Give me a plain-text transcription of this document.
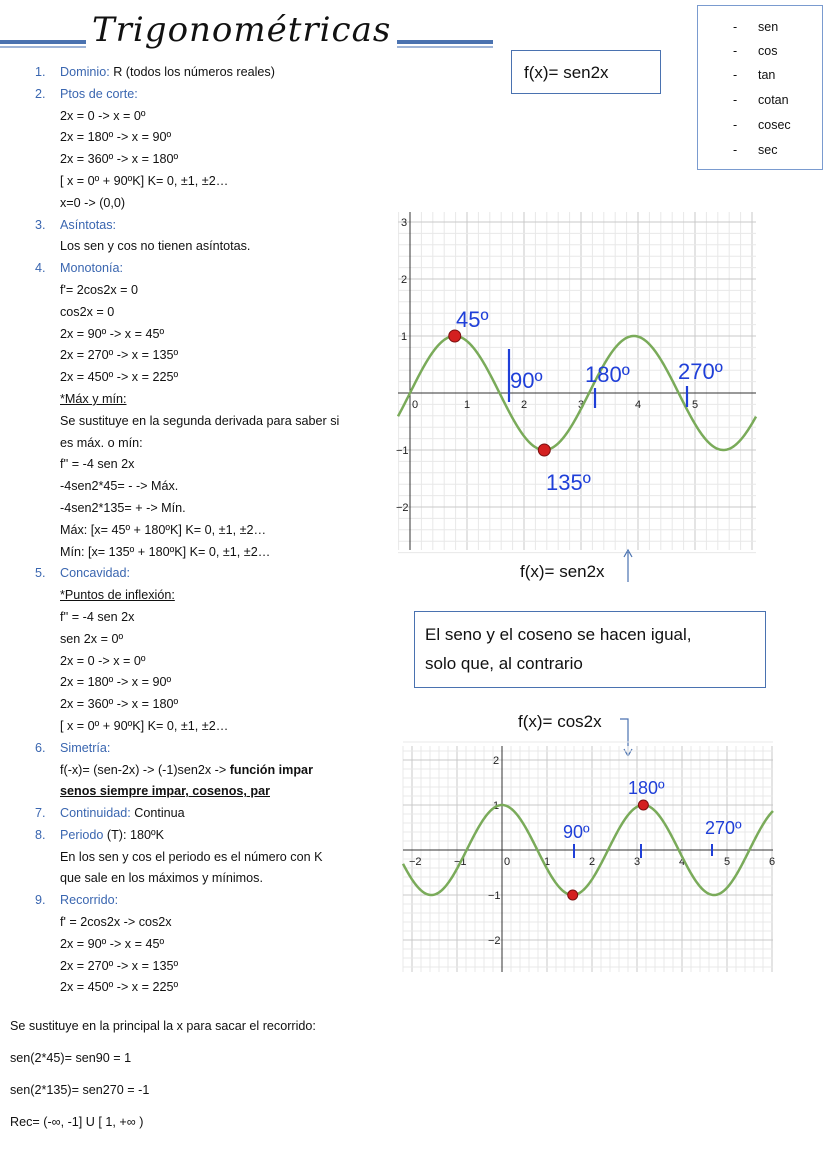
Trigonométricas
1. Dominio: R (todos los números reales)
2. Ptos de corte:
2x = 0 -> x = 0º
2x = 180º -> x = 90º
2x = 360º -> x = 180º
[ x = 0º + 90ºK] K= 0, ±1, ±2…
x=0 -> (0,0)
3. Asíntotas:
Los sen y cos no tienen asíntotas.
4. Monotonía:
f'= 2cos2x = 0
cos2x = 0
2x = 90º -> x = 45º
2x = 270º -> x = 135º
2x = 450º -> x = 225º
*Máx y mín:
Se sustituye en la segunda derivada para saber si
es máx. o mín:
f'' = -4 sen 2x
-4sen2*45= - -> Máx.
-4sen2*135= + -> Mín.
Máx: [x= 45º + 180ºK] K= 0, ±1, ±2…
Mín: [x= 135º + 180ºK] K= 0, ±1, ±2…
5. Concavidad:
*Puntos de inflexión:
f'' = -4 sen 2x
sen 2x = 0º
2x = 0 -> x = 0º
2x = 180º -> x = 90º
2x = 360º -> x = 180º
[ x = 0º + 90ºK] K= 0, ±1, ±2…
6. Simetría:
f(-x)= (sen-2x) -> (-1)sen2x -> función impar
senos siempre impar, cosenos, par
7. Continuidad: Continua
8. Periodo (T): 180ºK
En los sen y cos el periodo es el número con K
que sale en los máximos y mínimos.
9. Recorrido:
f' = 2cos2x -> cos2x
2x = 90º -> x = 45º
2x = 270º -> x = 135º
2x = 450º -> x = 225º
Se sustituye en la principal la x para sacar el recorrido:
sen(2*45)= sen90 = 1
sen(2*135)= sen270 = -1
Rec= (-∞, -1] U [ 1, +∞ )
f(x)= sen2x
- sen
- cos
- tan
- cotan
- cosec
- sec
0	1	2	3	4	5
3
2
1
−1
−2
45º
90º 180º 270º
135º
f(x)= sen2x
El seno y el coseno se hacen igual,
solo que, al contrario
f(x)= cos2x
−2	−1	0	1	2	3	4	5	6
2
1
−1
−2
90º
180º
270º
